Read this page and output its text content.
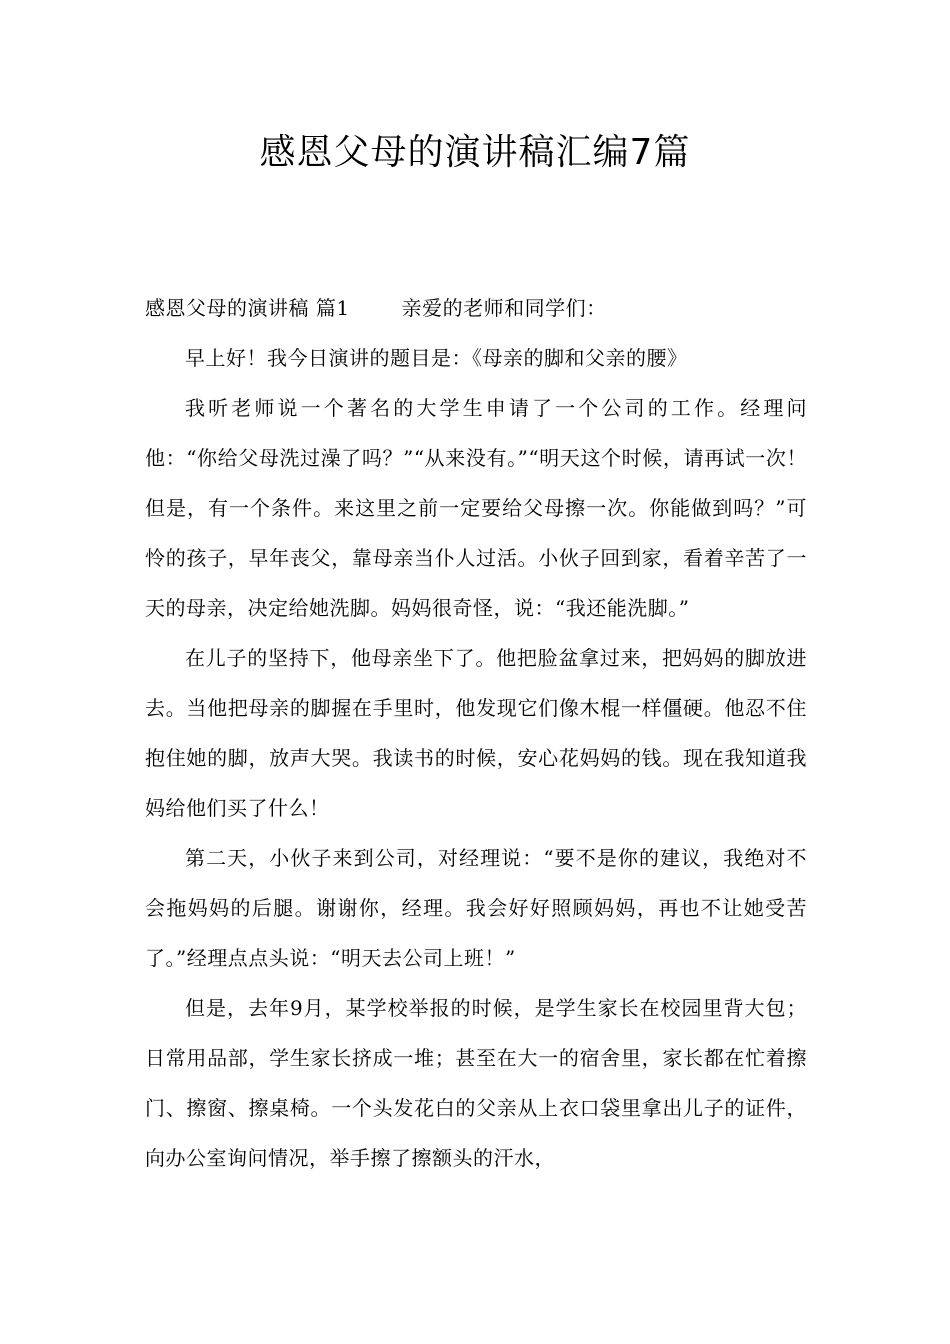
感恩父母的演讲稿汇编7篇

感恩父母的演讲稿 篇1	亲爱的老师和同学们：

早上好！我今日演讲的题目是：《母亲的脚和父亲的腰》

我听老师说一个著名的大学生申请了一个公司的工作。经理问他：“你给父母洗过澡了吗？”“从来没有。”“明天这个时候，请再试一次！但是，有一个条件。来这里之前一定要给父母擦一次。你能做到吗？”可怜的孩子，早年丧父，靠母亲当仆人过活。小伙子回到家，看着辛苦了一天的母亲，决定给她洗脚。妈妈很奇怪，说：“我还能洗脚。”

在儿子的坚持下，他母亲坐下了。他把脸盆拿过来，把妈妈的脚放进去。当他把母亲的脚握在手里时，他发现它们像木棍一样僵硬。他忍不住抱住她的脚，放声大哭。我读书的时候，安心花妈妈的钱。现在我知道我妈给他们买了什么！

第二天，小伙子来到公司，对经理说：“要不是你的建议，我绝对不会拖妈妈的后腿。谢谢你，经理。我会好好照顾妈妈，再也不让她受苦了。”经理点点头说：“明天去公司上班！”

但是，去年9月，某学校举报的时候，是学生家长在校园里背大包；日常用品部，学生家长挤成一堆；甚至在大一的宿舍里，家长都在忙着擦门、擦窗、擦桌椅。一个头发花白的父亲从上衣口袋里拿出儿子的证件，向办公室询问情况，举手擦了擦额头的汗水，
